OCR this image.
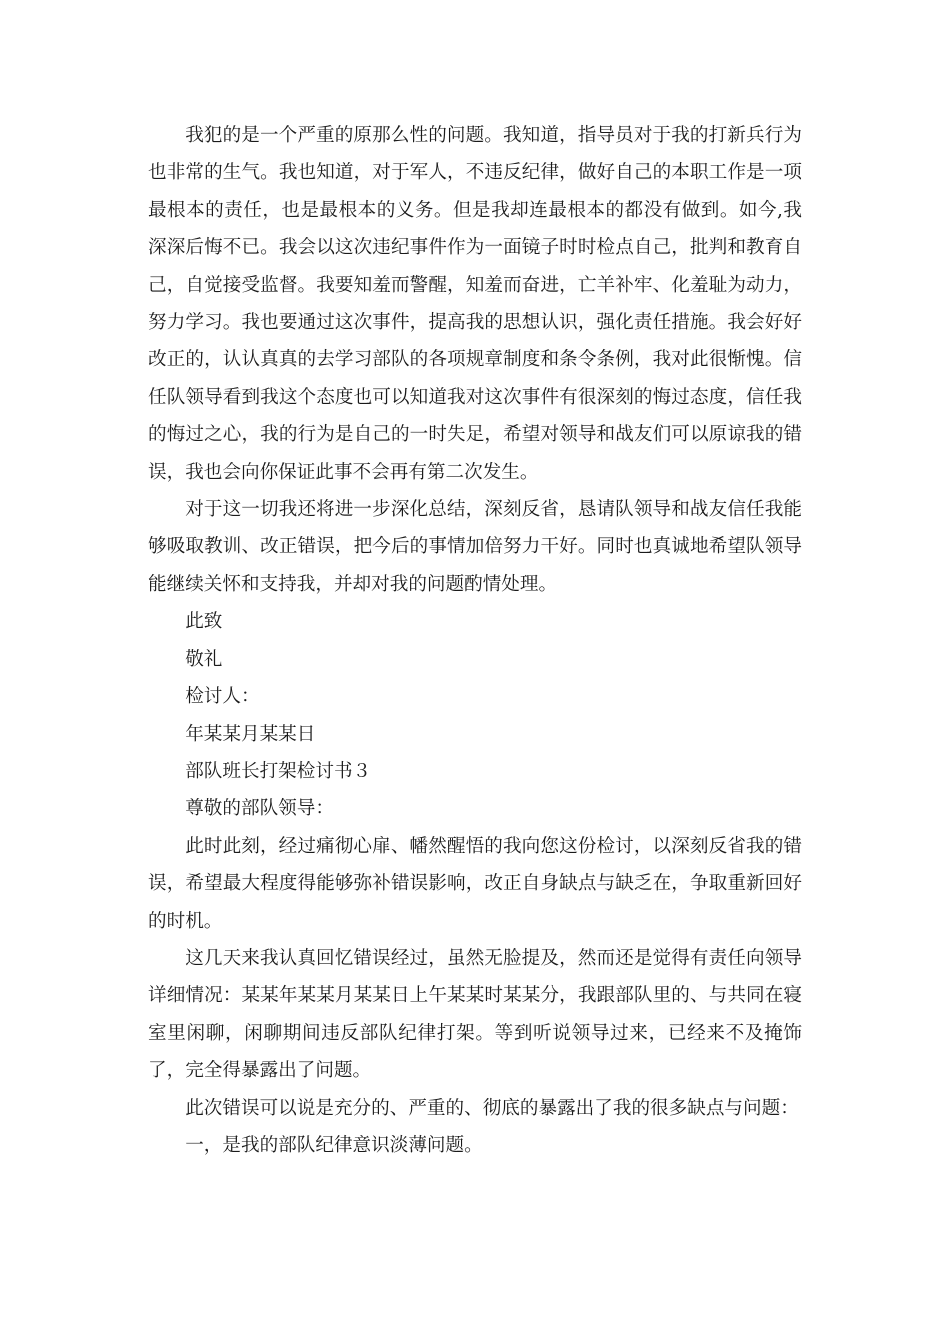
我犯的是一个严重的原那么性的问题。我知道，指导员对于我的打新兵行为也非常的生气。我也知道，对于军人，不违反纪律，做好自己的本职工作是一项最根本的责任，也是最根本的义务。但是我却连最根本的都没有做到。如今,我深深后悔不已。我会以这次违纪事件作为一面镜子时时检点自己，批判和教育自己，自觉接受监督。我要知羞而警醒，知羞而奋进，亡羊补牢、化羞耻为动力，努力学习。我也要通过这次事件，提高我的思想认识，强化责任措施。我会好好改正的，认认真真的去学习部队的各项规章制度和条令条例，我对此很惭愧。信任队领导看到我这个态度也可以知道我对这次事件有很深刻的悔过态度，信任我的悔过之心，我的行为是自己的一时失足，希望对领导和战友们可以原谅我的错误，我也会向你保证此事不会再有第二次发生。

对于这一切我还将进一步深化总结，深刻反省，恳请队领导和战友信任我能够吸取教训、改正错误，把今后的事情加倍努力干好。同时也真诚地希望队领导能继续关怀和支持我，并却对我的问题酌情处理。

此致

敬礼

检讨人：

年某某月某某日

部队班长打架检讨书３

尊敬的部队领导：

此时此刻，经过痛彻心扉、幡然醒悟的我向您这份检讨，以深刻反省我的错误，希望最大程度得能够弥补错误影响，改正自身缺点与缺乏在，争取重新回好的时机。

这几天来我认真回忆错误经过，虽然无脸提及，然而还是觉得有责任向领导详细情况：某某年某某月某某日上午某某时某某分，我跟部队里的、与共同在寝室里闲聊，闲聊期间违反部队纪律打架。等到听说领导过来，已经来不及掩饰了，完全得暴露出了问题。

此次错误可以说是充分的、严重的、彻底的暴露出了我的很多缺点与问题：

一，是我的部队纪律意识淡薄问题。
